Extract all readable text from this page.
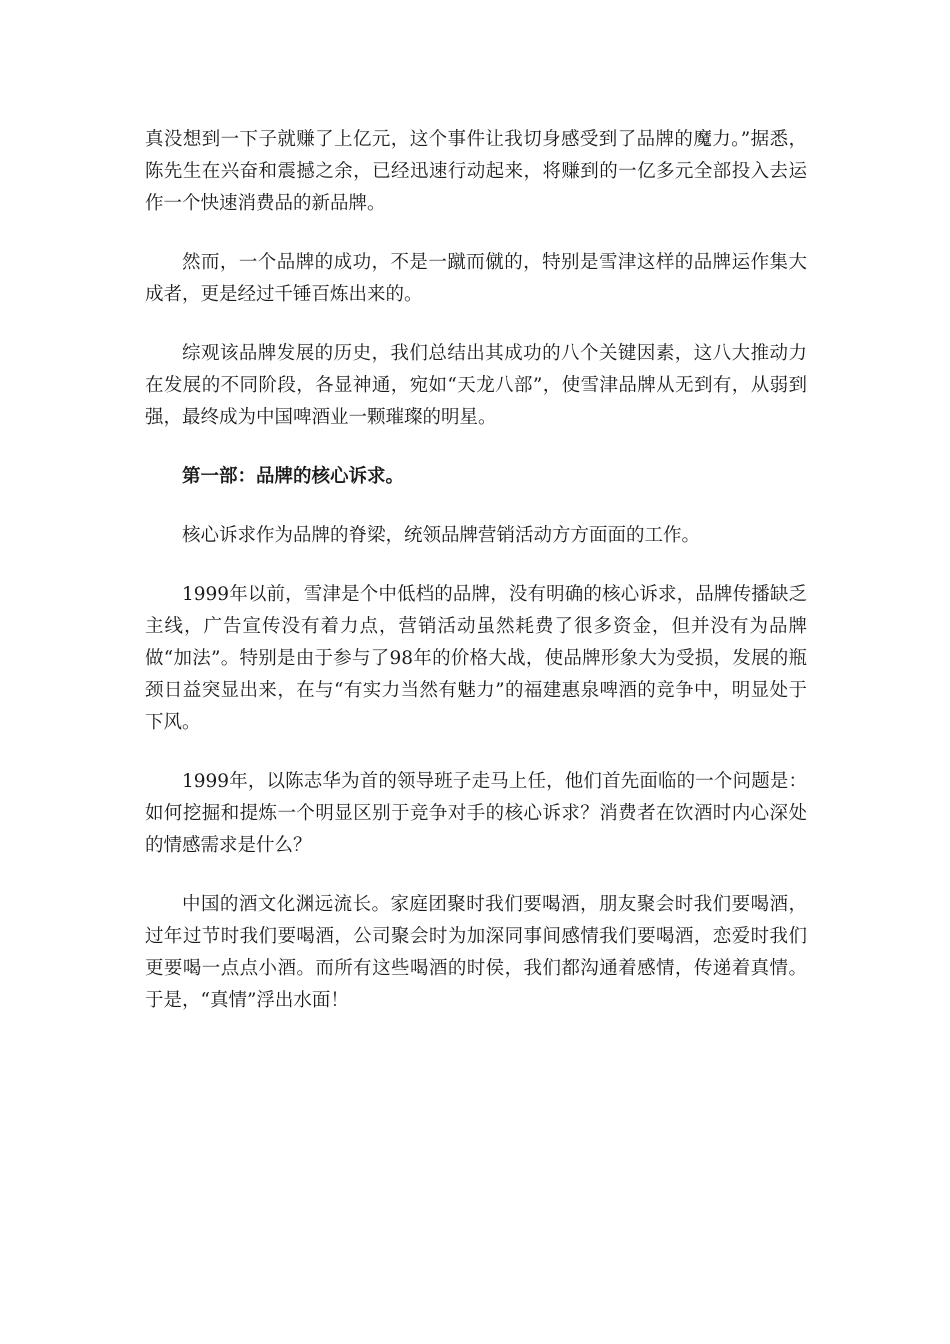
真没想到一下子就赚了上亿元，这个事件让我切身感受到了品牌的魔力。”据悉，陈先生在兴奋和震撼之余，已经迅速行动起来，将赚到的一亿多元全部投入去运作一个快速消费品的新品牌。

然而，一个品牌的成功，不是一蹴而僦的，特别是雪津这样的品牌运作集大成者，更是经过千锤百炼出来的。

综观该品牌发展的历史，我们总结出其成功的八个关键因素，这八大推动力在发展的不同阶段，各显神通，宛如“天龙八部”，使雪津品牌从无到有，从弱到强，最终成为中国啤酒业一颗璀璨的明星。

第一部：品牌的核心诉求。

核心诉求作为品牌的脊梁，统领品牌营销活动方方面面的工作。

1999年以前，雪津是个中低档的品牌，没有明确的核心诉求，品牌传播缺乏主线，广告宣传没有着力点，营销活动虽然耗费了很多资金，但并没有为品牌做“加法”。特别是由于参与了98年的价格大战，使品牌形象大为受损，发展的瓶颈日益突显出来，在与“有实力当然有魅力”的福建惠泉啤酒的竞争中，明显处于下风。

1999年，以陈志华为首的领导班子走马上任，他们首先面临的一个问题是：如何挖掘和提炼一个明显区别于竞争对手的核心诉求？消费者在饮酒时内心深处的情感需求是什么？

中国的酒文化渊远流长。家庭团聚时我们要喝酒，朋友聚会时我们要喝酒，过年过节时我们要喝酒，公司聚会时为加深同事间感情我们要喝酒，恋爱时我们更要喝一点点小酒。而所有这些喝酒的时侯，我们都沟通着感情，传递着真情。于是，“真情”浮出水面！
